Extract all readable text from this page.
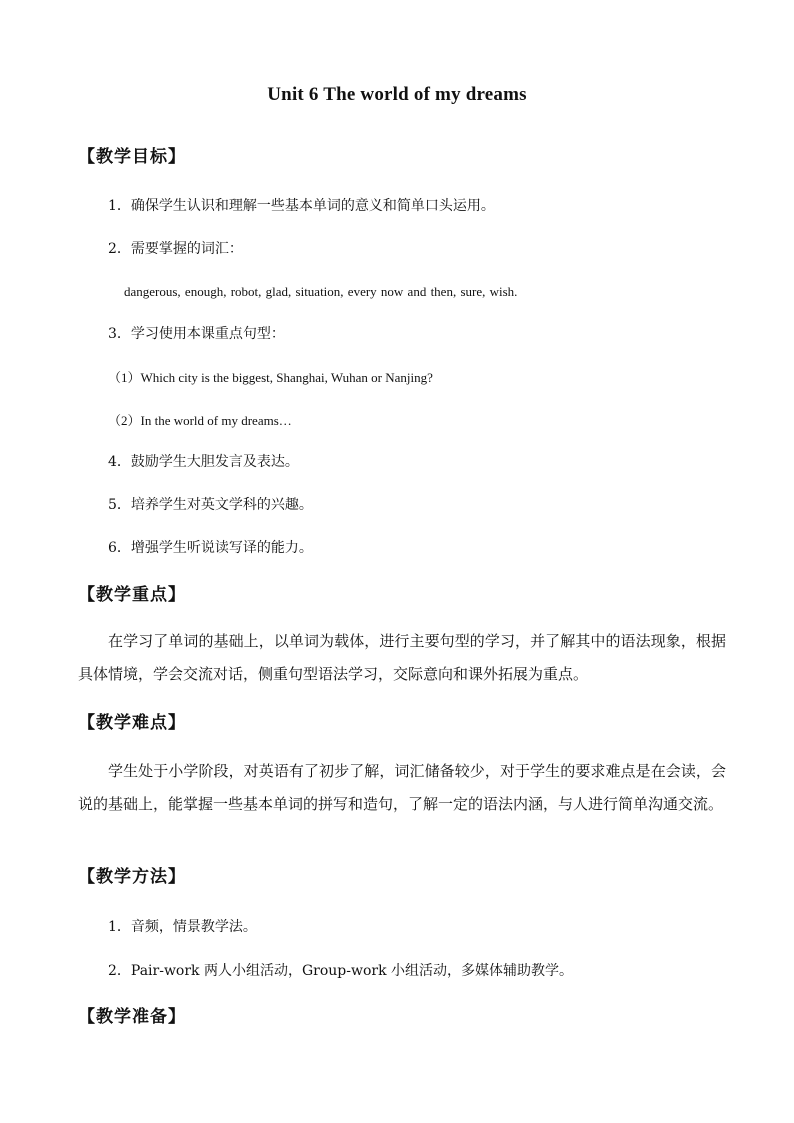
Unit 6 The world of my dreams
【教学目标】
1．确保学生认识和理解一些基本单词的意义和简单口头运用。
2．需要掌握的词汇：
dangerous, enough, robot, glad, situation, every now and then, sure, wish.
3．学习使用本课重点句型：
（1）Which city is the biggest, Shanghai, Wuhan or Nanjing?
（2）In the world of my dreams…
4．鼓励学生大胆发言及表达。
5．培养学生对英文学科的兴趣。
6．增强学生听说读写译的能力。
【教学重点】
在学习了单词的基础上，以单词为载体，进行主要句型的学习，并了解其中的语法现象，根据具体情境，学会交流对话，侧重句型语法学习，交际意向和课外拓展为重点。
【教学难点】
学生处于小学阶段，对英语有了初步了解，词汇储备较少，对于学生的要求难点是在会读，会说的基础上，能掌握一些基本单词的拼写和造句，了解一定的语法内涵，与人进行简单沟通交流。
【教学方法】
1．音频，情景教学法。
2．Pair-work 两人小组活动，Group-work 小组活动，多媒体辅助教学。
【教学准备】
